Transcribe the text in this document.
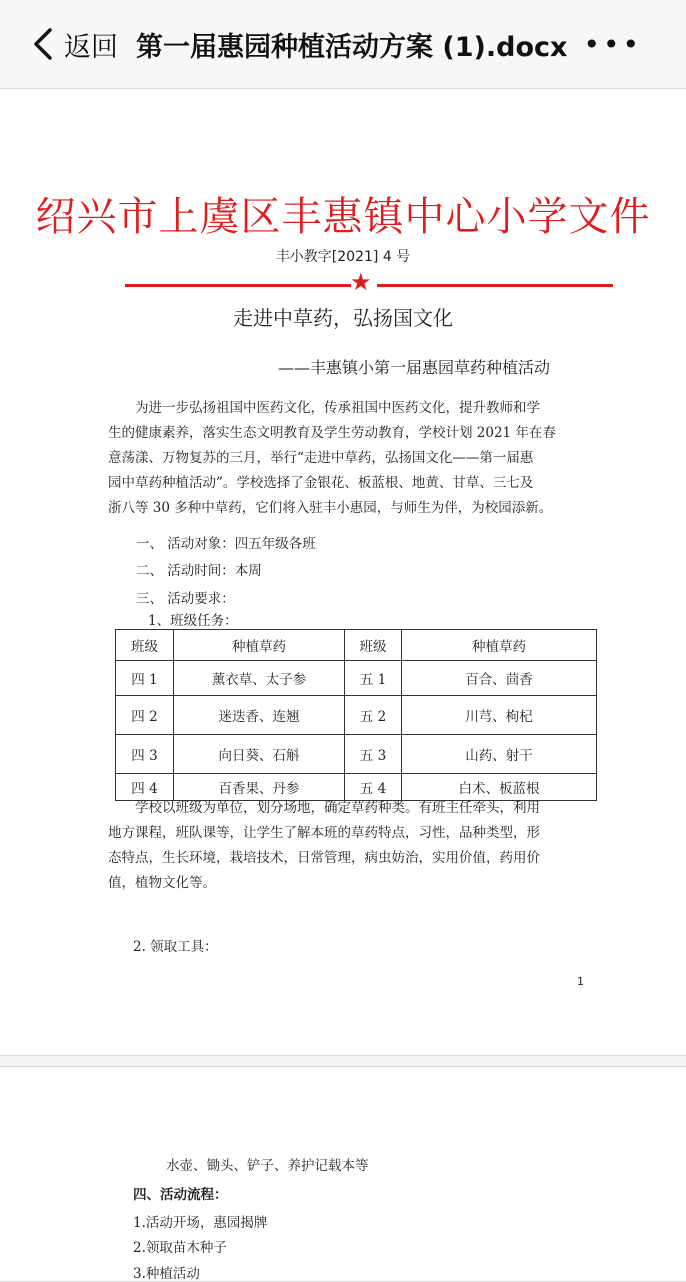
返回 第一届惠园种植活动方案 (1).docx •••
绍兴市上虞区丰惠镇中心小学文件
丰小教字[2021] 4 号
★
走进中草药，弘扬国文化
——丰惠镇小第一届惠园草药种植活动
为进一步弘扬祖国中医药文化，传承祖国中医药文化，提升教师和学
生的健康素养，落实生态文明教育及学生劳动教育，学校计划 2021 年在春
意荡漾、万物复苏的三月，举行“走进中草药，弘扬国文化——第一届惠
园中草药种植活动”。学校选择了金银花、板蓝根、地黄、甘草、三七及
浙八等 30 多种中草药，它们将入驻丰小惠园，与师生为伴，为校园添新。
一、 活动对象：四五年级各班
二、 活动时间：本周
三、 活动要求：
1、班级任务：
班级	种植草药	班级	种植草药
四 1	薰衣草、太子参	五 1	百合、茴香
四 2	迷迭香、连翘	五 2	川芎、枸杞
四 3	向日葵、石斛	五 3	山药、射干
四 4	百香果、丹参	五 4	白术、板蓝根
学校以班级为单位，划分场地，确定草药种类。有班主任牵头，利用
地方课程，班队课等，让学生了解本班的草药特点，习性，品种类型，形
态特点，生长环境，栽培技术，日常管理，病虫妨治，实用价值，药用价
值，植物文化等。
2. 领取工具：
1
水壶、锄头、铲子、养护记载本等
四、活动流程：
1.活动开场，惠园揭牌
2.领取苗木种子
3.种植活动
